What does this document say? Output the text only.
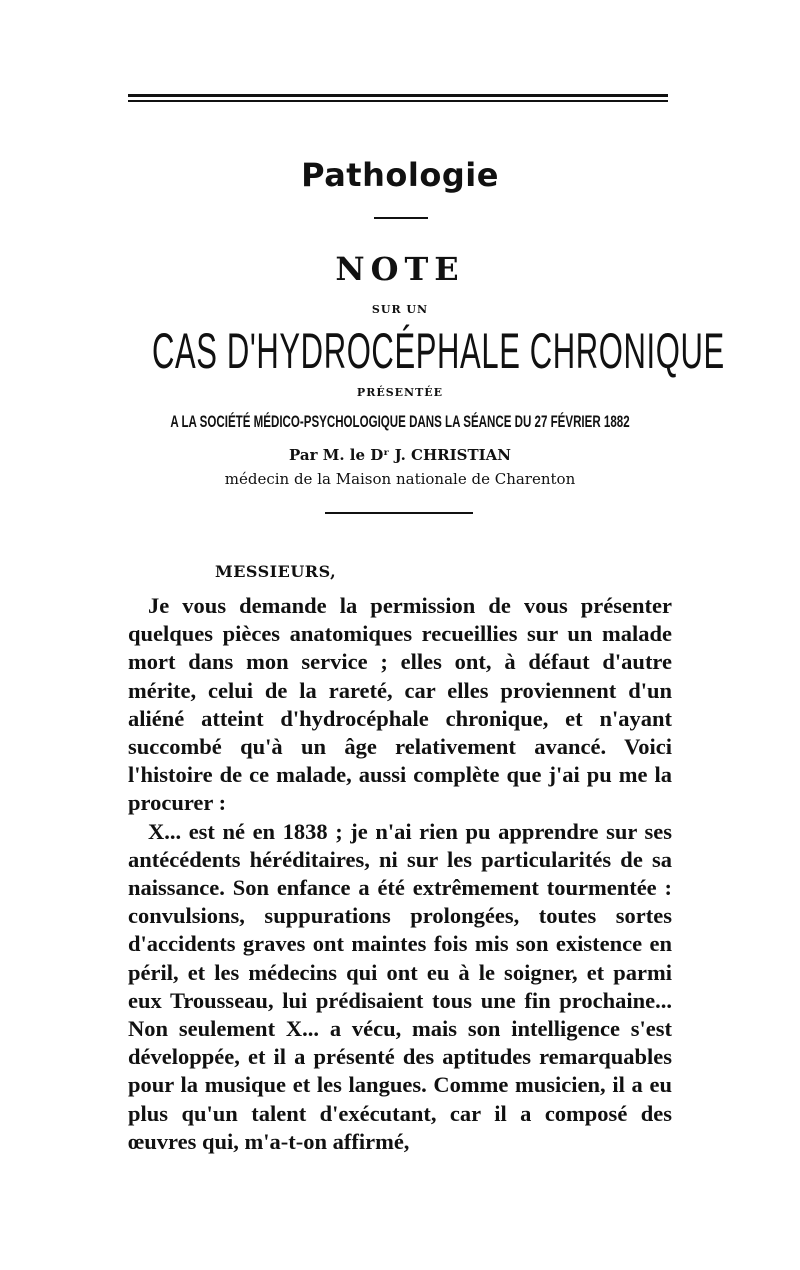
Pathologie
NOTE
SUR UN
CAS D'HYDROCÉPHALE CHRONIQUE
PRÉSENTÉE
A LA SOCIÉTÉ MÉDICO-PSYCHOLOGIQUE DANS LA SÉANCE DU 27 FÉVRIER 1882
Par M. le Dʳ J. CHRISTIAN
médecin de la Maison nationale de Charenton
MESSIEURS,

Je vous demande la permission de vous présenter quelques pièces anatomiques recueillies sur un malade mort dans mon service ; elles ont, à défaut d'autre mérite, celui de la rareté, car elles proviennent d'un aliéné atteint d'hydrocéphale chronique, et n'ayant succombé qu'à un âge relativement avancé. Voici l'histoire de ce malade, aussi complète que j'ai pu me la procurer :

X... est né en 1838 ; je n'ai rien pu apprendre sur ses antécédents héréditaires, ni sur les particularités de sa naissance. Son enfance a été extrêmement tourmentée : convulsions, suppurations prolongées, toutes sortes d'accidents graves ont maintes fois mis son existence en péril, et les médecins qui ont eu à le soigner, et parmi eux Trousseau, lui prédisaient tous une fin prochaine... Non seulement X... a vécu, mais son intelligence s'est développée, et il a présenté des aptitudes remarquables pour la musique et les langues. Comme musicien, il a eu plus qu'un talent d'exécutant, car il a composé des œuvres qui, m'a-t-on affirmé,
